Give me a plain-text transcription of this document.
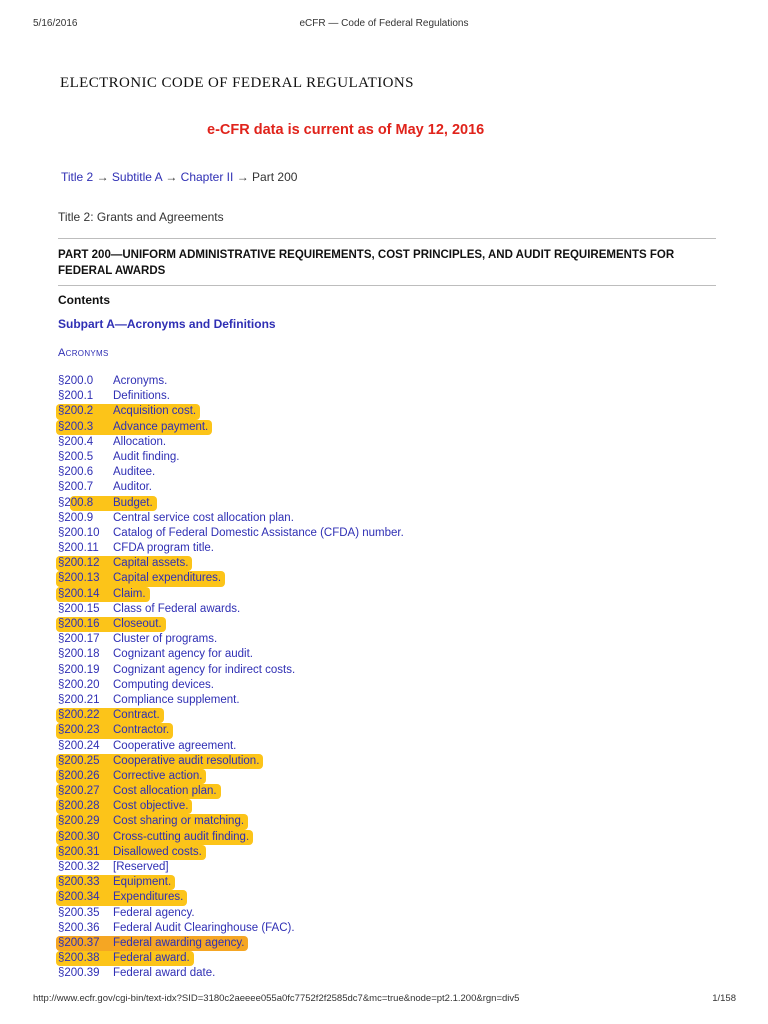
5/16/2016	eCFR — Code of Federal Regulations
ELECTRONIC CODE OF FEDERAL REGULATIONS
e-CFR data is current as of May 12, 2016
Title 2 → Subtitle A → Chapter II → Part 200
Title 2: Grants and Agreements
PART 200—UNIFORM ADMINISTRATIVE REQUIREMENTS, COST PRINCIPLES, AND AUDIT REQUIREMENTS FOR FEDERAL AWARDS
Contents
Subpart A—Acronyms and Definitions
Acronyms
§200.0 Acronyms.
§200.1 Definitions.
§200.2 Acquisition cost.
§200.3 Advance payment.
§200.4 Allocation.
§200.5 Audit finding.
§200.6 Auditee.
§200.7 Auditor.
§200.8 Budget.
§200.9 Central service cost allocation plan.
§200.10 Catalog of Federal Domestic Assistance (CFDA) number.
§200.11 CFDA program title.
§200.12 Capital assets.
§200.13 Capital expenditures.
§200.14 Claim.
§200.15 Class of Federal awards.
§200.16 Closeout.
§200.17 Cluster of programs.
§200.18 Cognizant agency for audit.
§200.19 Cognizant agency for indirect costs.
§200.20 Computing devices.
§200.21 Compliance supplement.
§200.22 Contract.
§200.23 Contractor.
§200.24 Cooperative agreement.
§200.25 Cooperative audit resolution.
§200.26 Corrective action.
§200.27 Cost allocation plan.
§200.28 Cost objective.
§200.29 Cost sharing or matching.
§200.30 Cross-cutting audit finding.
§200.31 Disallowed costs.
§200.32 [Reserved]
§200.33 Equipment.
§200.34 Expenditures.
§200.35 Federal agency.
§200.36 Federal Audit Clearinghouse (FAC).
§200.37 Federal awarding agency.
§200.38 Federal award.
§200.39 Federal award date.
http://www.ecfr.gov/cgi-bin/text-idx?SID=3180c2aeeee055a0fc7752f2f2585dc7&mc=true&node=pt2.1.200&rgn=div5	1/158
